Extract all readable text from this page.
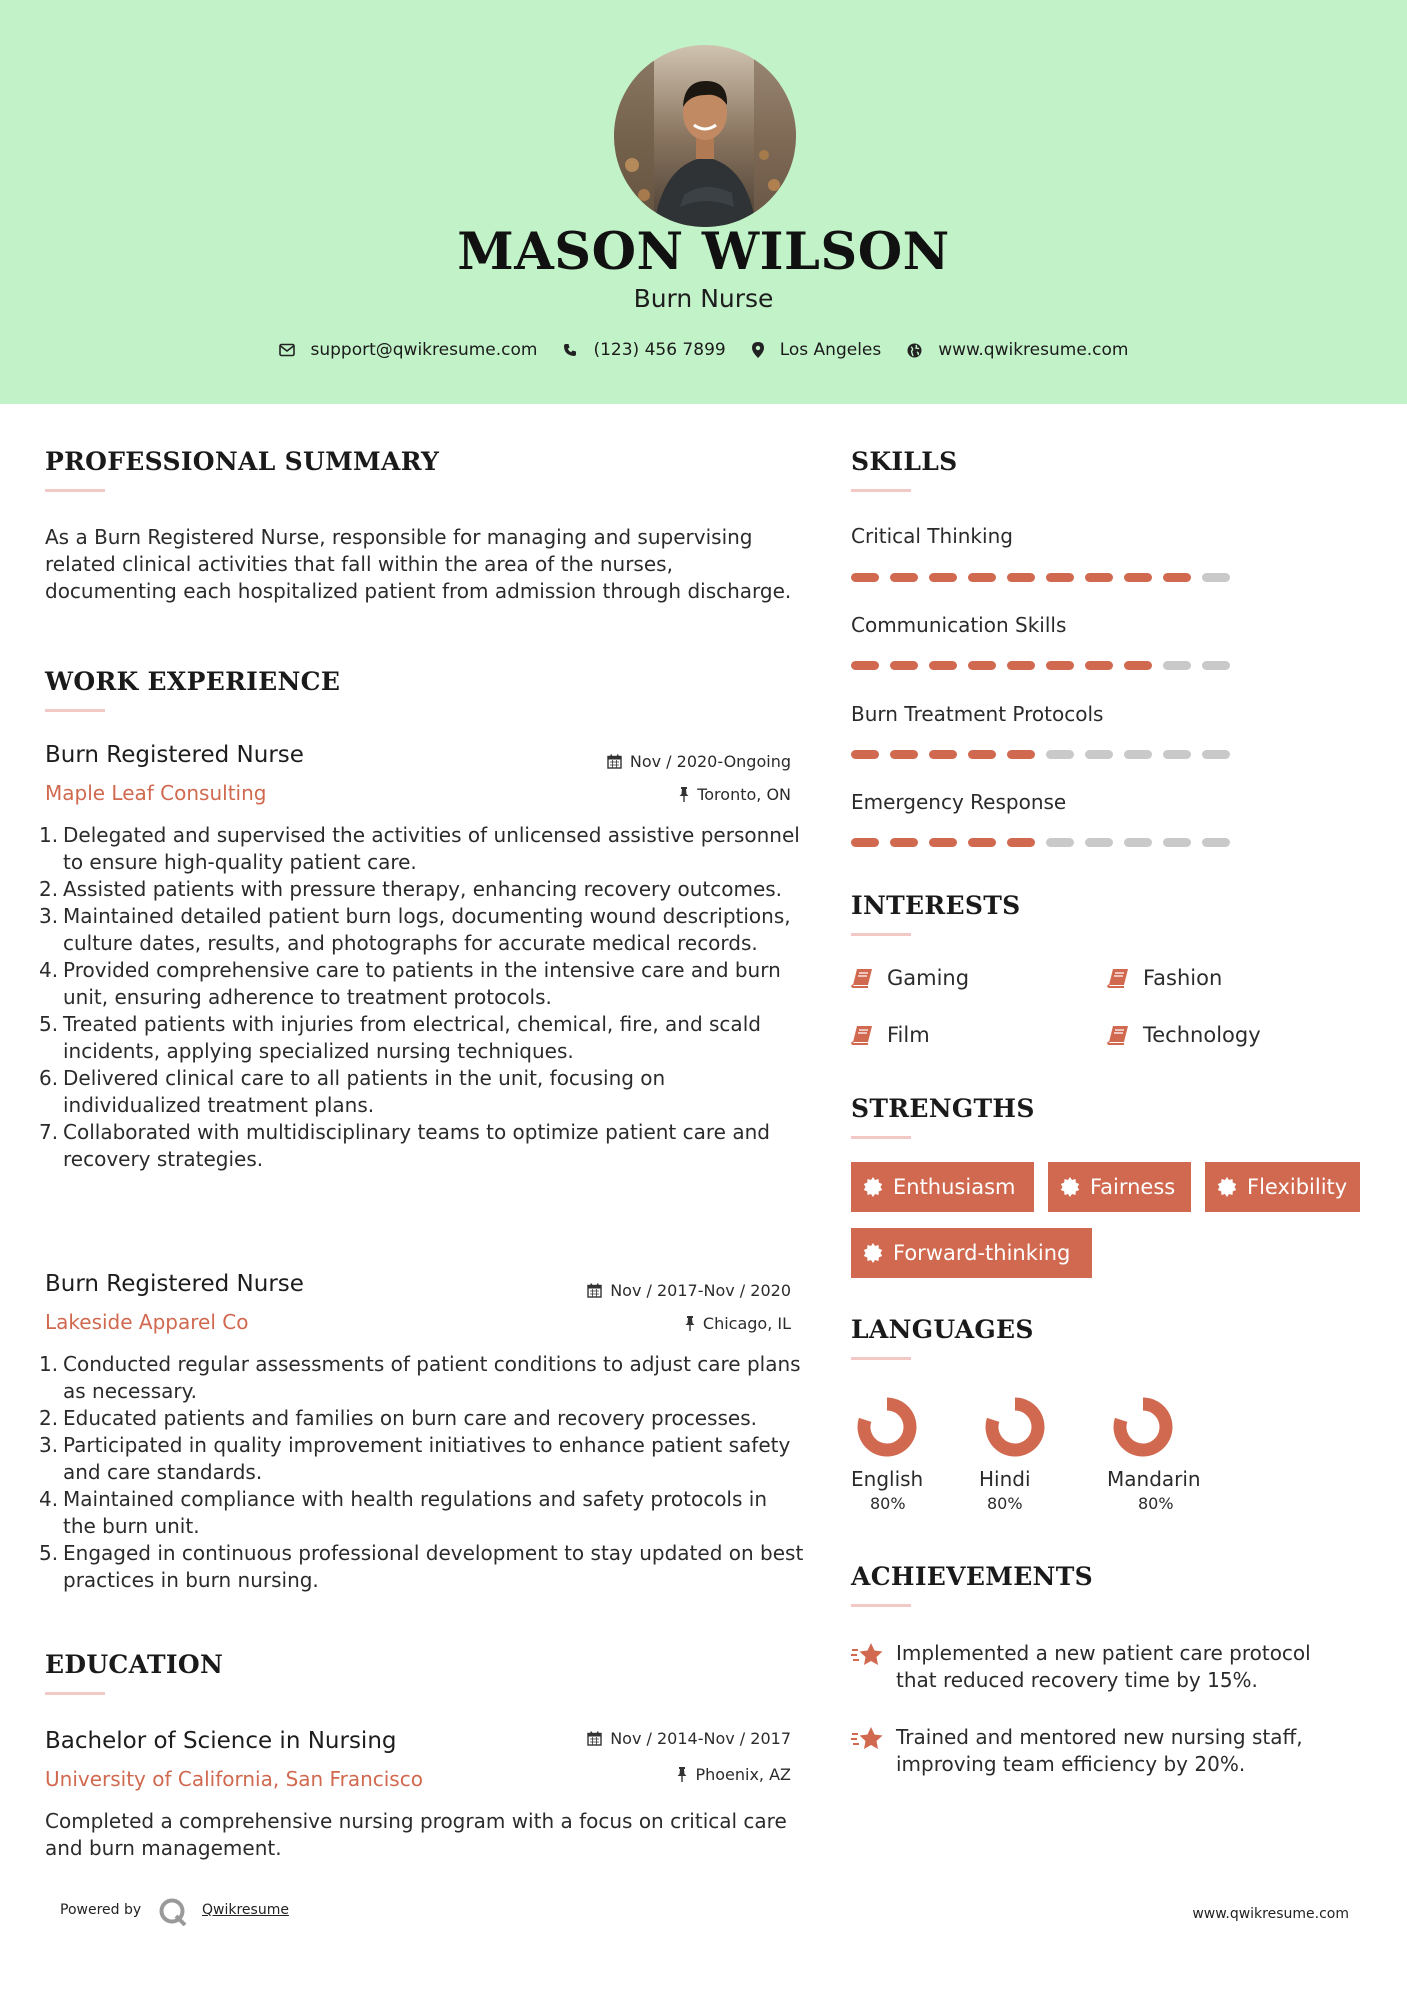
MASON WILSON
Burn Nurse
support@qwikresume.com	(123) 456 7899	Los Angeles	www.qwikresume.com
PROFESSIONAL SUMMARY
As a Burn Registered Nurse, responsible for managing and supervising related clinical activities that fall within the area of the nurses, documenting each hospitalized patient from admission through discharge.
WORK EXPERIENCE
Burn Registered Nurse	Nov / 2020-Ongoing
Maple Leaf Consulting	Toronto, ON
1. Delegated and supervised the activities of unlicensed assistive personnel to ensure high-quality patient care.
2. Assisted patients with pressure therapy, enhancing recovery outcomes.
3. Maintained detailed patient burn logs, documenting wound descriptions, culture dates, results, and photographs for accurate medical records.
4. Provided comprehensive care to patients in the intensive care and burn unit, ensuring adherence to treatment protocols.
5. Treated patients with injuries from electrical, chemical, fire, and scald incidents, applying specialized nursing techniques.
6. Delivered clinical care to all patients in the unit, focusing on individualized treatment plans.
7. Collaborated with multidisciplinary teams to optimize patient care and recovery strategies.
Burn Registered Nurse	Nov / 2017-Nov / 2020
Lakeside Apparel Co	Chicago, IL
1. Conducted regular assessments of patient conditions to adjust care plans as necessary.
2. Educated patients and families on burn care and recovery processes.
3. Participated in quality improvement initiatives to enhance patient safety and care standards.
4. Maintained compliance with health regulations and safety protocols in the burn unit.
5. Engaged in continuous professional development to stay updated on best practices in burn nursing.
EDUCATION
Bachelor of Science in Nursing	Nov / 2014-Nov / 2017
University of California, San Francisco	Phoenix, AZ
Completed a comprehensive nursing program with a focus on critical care and burn management.
SKILLS
Critical Thinking
Communication Skills
Burn Treatment Protocols
Emergency Response
INTERESTS
Gaming	Fashion
Film	Technology
STRENGTHS
Enthusiasm	Fairness	Flexibility
Forward-thinking
LANGUAGES
English
80%
Hindi
80%
Mandarin
80%
ACHIEVEMENTS
Implemented a new patient care protocol that reduced recovery time by 15%.
Trained and mentored new nursing staff, improving team efficiency by 20%.
Powered by	Qwikresume	www.qwikresume.com
